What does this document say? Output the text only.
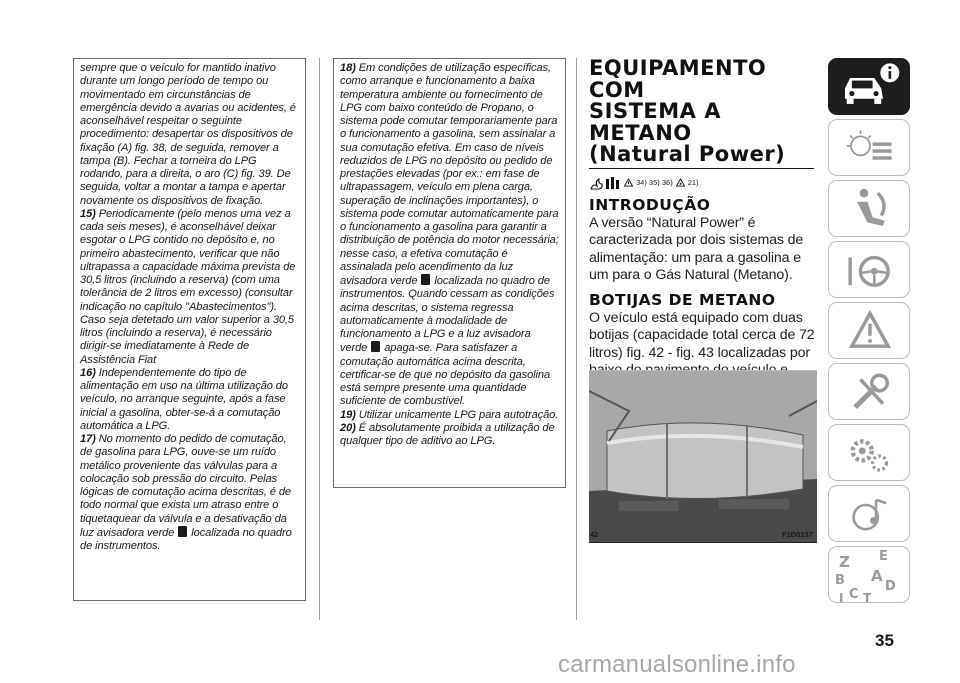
sempre que o veículo for mantido inativo durante um longo período de tempo ou movimentado em circunstâncias de emergência devido a avarias ou acidentes, é aconselhável respeitar o seguinte procedimento: desapertar os dispositivos de fixação (A) fig. 38, de seguida, remover a tampa (B). Fechar a torneira do LPG rodando, para a direita, o aro (C) fig. 39. De seguida, voltar a montar a tampa e apertar novamente os dispositivos de fixação.

15) Periodicamente (pelo menos uma vez a cada seis meses), é aconselhável deixar esgotar o LPG contido no depósito e, no primeiro abastecimento, verificar que não ultrapassa a capacidade máxima prevista de 30,5 litros (incluindo a reserva) (com uma tolerância de 2 litros em excesso) (consultar indicação no capítulo "Abastecimentos"). Caso seja detetado um valor superior a 30,5 litros (incluindo a reserva), é necessário dirigir-se imediatamente à Rede de Assistência Fiat

16) Independentemente do tipo de alimentação em uso na última utilização do veículo, no arranque seguinte, após a fase inicial a gasolina, obter-se-á a comutação automática a LPG.

17) No momento do pedido de comutação, de gasolina para LPG, ouve-se um ruído metálico proveniente das válvulas para a colocação sob pressão do circuito. Pelas lógicas de comutação acima descritas, é de todo normal que exista um atraso entre o tiquetaquear da válvula e a desativação da luz avisadora verde localizada no quadro de instrumentos.

18) Em condições de utilização específicas, como arranque e funcionamento a baixa temperatura ambiente ou fornecimento de LPG com baixo conteúdo de Propano, o sistema pode comutar temporariamente para o funcionamento a gasolina, sem assinalar a sua comutação efetiva. Em caso de níveis reduzidos de LPG no depósito ou pedido de prestações elevadas (por ex.: em fase de ultrapassagem, veículo em plena carga, superação de inclinações importantes), o sistema pode comutar automaticamente para o funcionamento a gasolina para garantir a distribuição de potência do motor necessária; nesse caso, a efetiva comutação é assinalada pelo acendimento da luz avisadora verde localizada no quadro de instrumentos. Quando cessam as condições acima descritas, o sistema regressa automaticamente à modalidade de funcionamento a LPG e a luz avisadora verde apaga-se. Para satisfazer a comutação automática acima descrita, certificar-se de que no depósito da gasolina está sempre presente uma quantidade suficiente de combustível.

19) Utilizar unicamente LPG para autotração.

20) É absolutamente proibida a utilização de qualquer tipo de aditivo ao LPG.

EQUIPAMENTO COM
SISTEMA A METANO
(Natural Power)
34) 35) 36) 21)
INTRODUÇÃO

A versão “Natural Power” é caracterizada por dois sistemas de alimentação: um para a gasolina e um para o Gás Natural (Metano).

BOTIJAS DE METANO

O veículo está equipado com duas botijas (capacidade total cerca de 72 litros) fig. 42 - fig. 43 localizadas por

42	F1D0137
Z E
A
B
C T
D
I
35
carmanualsonline.info
